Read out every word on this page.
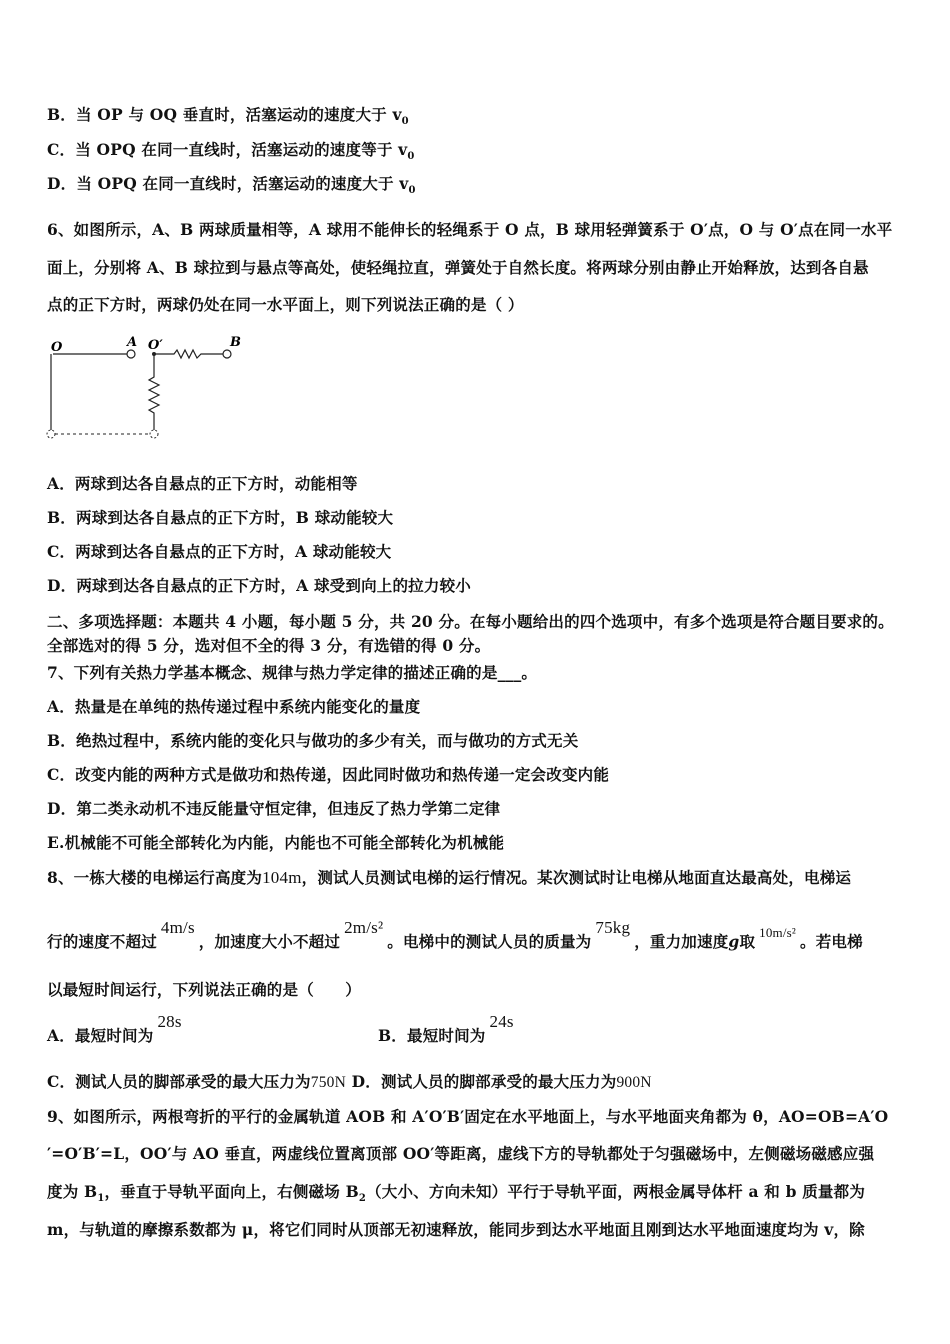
B．当 OP 与 OQ 垂直时，活塞运动的速度大于 $v_0$
C．当 OPQ 在同一直线时，活塞运动的速度等于 $v_0$
D．当 OPQ 在同一直线时，活塞运动的速度大于 $v_0$
6、如图所示，A、B 两球质量相等，A 球用不能伸长的轻绳系于 O 点，B 球用轻弹簧系于 O′点，O 与 O′点在同一水平
面上，分别将 A、B 球拉到与悬点等高处，使轻绳拉直，弹簧处于自然长度。将两球分别由静止开始释放，达到各自悬
点的正下方时，两球仍处在同一水平面上，则下列说法正确的是（ ）
O	A O′	B
A．两球到达各自悬点的正下方时，动能相等
B．两球到达各自悬点的正下方时，B 球动能较大
C．两球到达各自悬点的正下方时，A 球动能较大
D．两球到达各自悬点的正下方时，A 球受到向上的拉力较小
二、多项选择题：本题共 4 小题，每小题 5 分，共 20 分。在每小题给出的四个选项中，有多个选项是符合题目要求的。
全部选对的得 5 分，选对但不全的得 3 分，有选错的得 0 分。
7、下列有关热力学基本概念、规律与热力学定律的描述正确的是___。
A．热量是在单纯的热传递过程中系统内能变化的量度
B．绝热过程中，系统内能的变化只与做功的多少有关，而与做功的方式无关
C．改变内能的两种方式是做功和热传递，因此同时做功和热传递一定会改变内能
D．第二类永动机不违反能量守恒定律，但违反了热力学第二定律
E.机械能不可能全部转化为内能，内能也不可能全部转化为机械能
8、一栋大楼的电梯运行高度为104m，测试人员测试电梯的运行情况。某次测试时让电梯从地面直达最高处，电梯运
行的速度不超过4m/s，加速度大小不超过2m/s²。电梯中的测试人员的质量为75kg，重力加速度g取 $^{10m/s^2}$ 。若电梯
以最短时间运行，下列说法正确的是（　　）
A．最短时间为28s
B．最短时间为24s
C．测试人员的脚部承受的最大压力为750N D．测试人员的脚部承受的最大压力为900N
9、如图所示，两根弯折的平行的金属轨道 AOB 和 A′O′B′固定在水平地面上，与水平地面夹角都为 θ，AO=OB=A′O
′=O′B′=L，OO′与 AO 垂直，两虚线位置离顶部 OO′等距离，虚线下方的导轨都处于匀强磁场中，左侧磁场磁感应强
度为 $B_1$，垂直于导轨平面向上，右侧磁场 $B_2$（大小、方向未知）平行于导轨平面，两根金属导体杆 a 和 b 质量都为
m，与轨道的摩擦系数都为 μ，将它们同时从顶部无初速释放，能同步到达水平地面且刚到达水平地面速度均为 v，除
